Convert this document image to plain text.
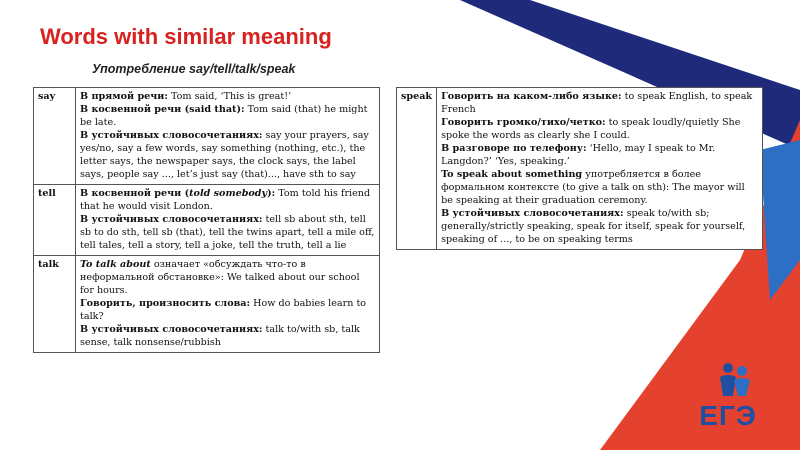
Words with similar meaning
Употребление say/tell/talk/speak
say	В прямой речи: Tom said, ‘This is great!’
В косвенной речи (said that): Tom said (that) he might be late.
В устойчивых словосочетаниях: say your prayers, say yes/no, say a few words, say something (nothing, etc.), the letter says, the newspaper says, the clock says, the label says, people say ..., let’s just say (that)..., have sth to say

tell	В косвенной речи (told somebody): Tom told his friend that he would visit London.
В устойчивых словосочетаниях: tell sb about sth, tell sb to do sth, tell sb (that), tell the twins apart, tell a mile off, tell tales, tell a story, tell a joke, tell the truth, tell a lie

talk	To talk about означает «обсуждать что-то в неформальной обстановке»: We talked about our school for hours.
Говорить, произносить слова: How do babies learn to talk?
В устойчивых словосочетаниях: talk to/with sb, talk sense, talk nonsense/rubbish
speak	Говорить на каком-либо языке: to speak English, to speak French
Говорить громко/тихо/четко: to speak loudly/quietly She spoke the words as clearly she I could.
В разговоре по телефону: ‘Hello, may I speak to Mr. Langdon?’ ‘Yes, speaking.’
To speak about something употребляется в более формальном контексте (to give a talk on sth): The mayor will be speaking at their graduation ceremony.
В устойчивых словосочетаниях: speak to/with sb; generally/strictly speaking, speak for itself, speak for yourself, speaking of ..., to be on speaking terms
ЕГЭ
